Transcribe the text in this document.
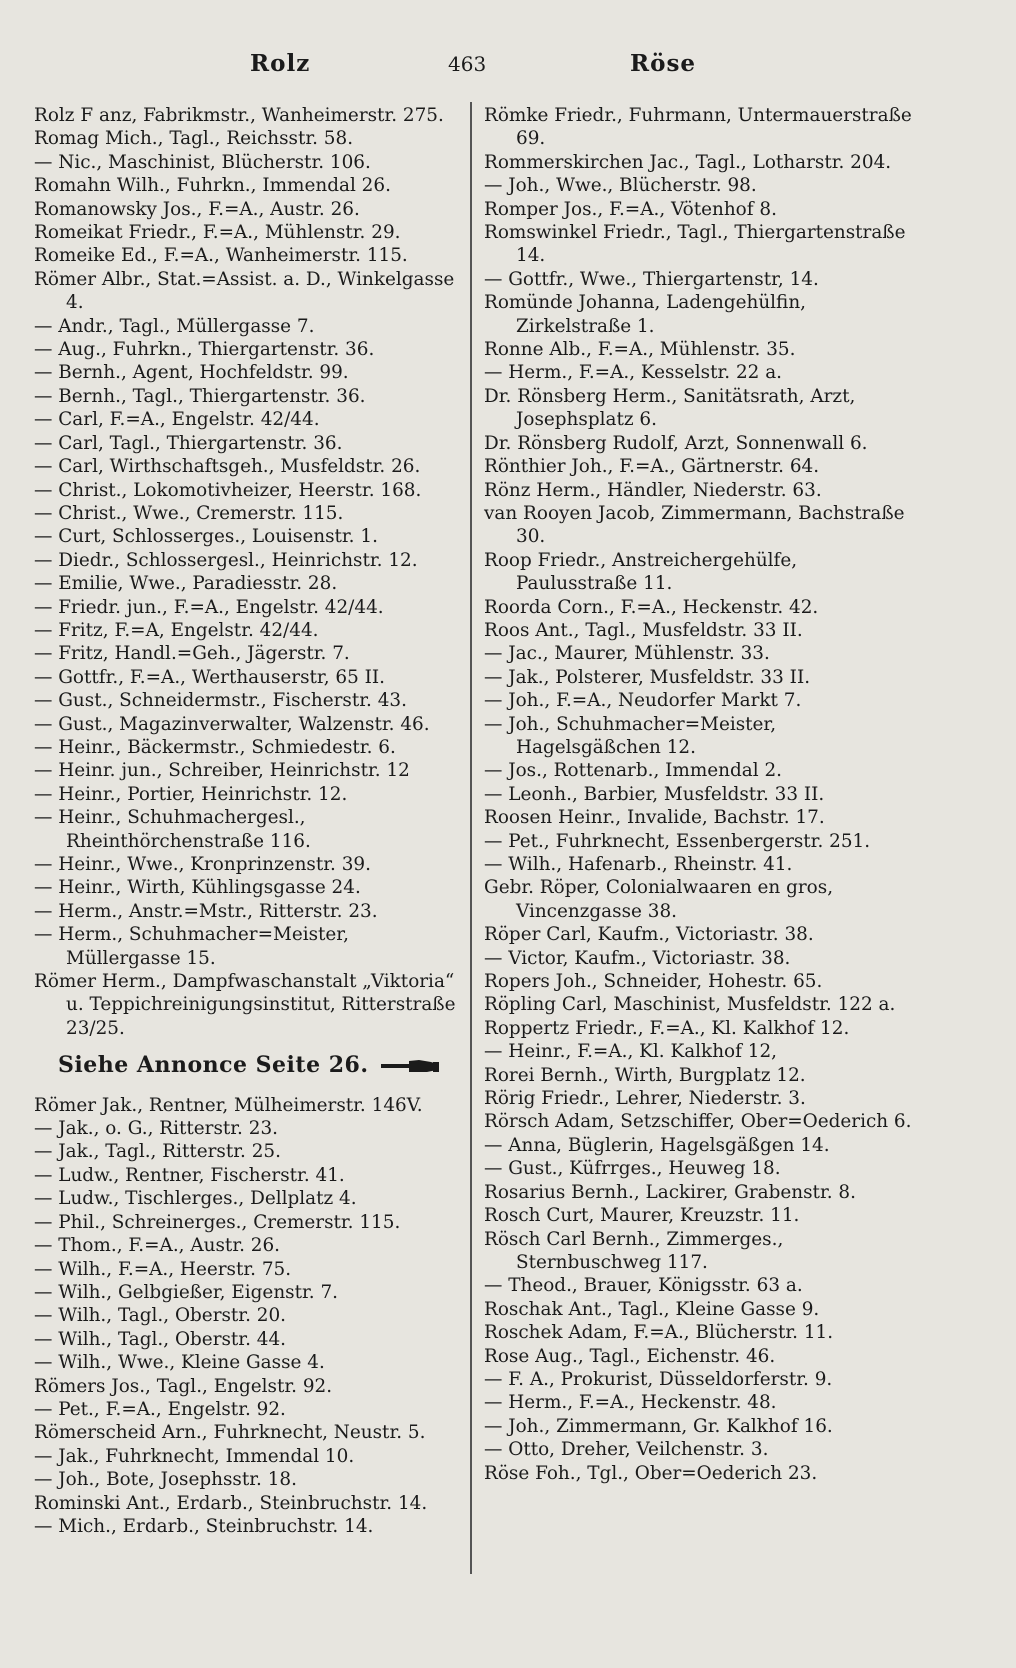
Rolz	463	Röse

Rolz F anz, Fabrikmstr., Wanheimerstr. 275.

Romag Mich., Tagl., Reichsstr. 58.

— Nic., Maschinist, Blücherstr. 106.

Romahn Wilh., Fuhrkn., Immendal 26.

Romanowsky Jos., F.=A., Austr. 26.

Romeikat Friedr., F.=A., Mühlenstr. 29.

Romeike Ed., F.=A., Wanheimerstr. 115.

Römer Albr., Stat.=Assist. a. D., Winkelgasse 4.

— Andr., Tagl., Müllergasse 7.

— Aug., Fuhrkn., Thiergartenstr. 36.

— Bernh., Agent, Hochfeldstr. 99.

— Bernh., Tagl., Thiergartenstr. 36.

— Carl, F.=A., Engelstr. 42/44.

— Carl, Tagl., Thiergartenstr. 36.

— Carl, Wirthschaftsgeh., Musfeldstr. 26.

— Christ., Lokomotivheizer, Heerstr. 168.

— Christ., Wwe., Cremerstr. 115.

— Curt, Schlosserges., Louisenstr. 1.

— Diedr., Schlossergesl., Heinrichstr. 12.

— Emilie, Wwe., Paradiesstr. 28.

— Friedr. jun., F.=A., Engelstr. 42/44.

— Fritz, F.=A, Engelstr. 42/44.

— Fritz, Handl.=Geh., Jägerstr. 7.

— Gottfr., F.=A., Werthauserstr, 65 II.

— Gust., Schneidermstr., Fischerstr. 43.

— Gust., Magazinverwalter, Walzenstr. 46.

— Heinr., Bäckermstr., Schmiedestr. 6.

— Heinr. jun., Schreiber, Heinrichstr. 12

— Heinr., Portier, Heinrichstr. 12.

— Heinr., Schuhmachergesl., Rheinthörchenstraße 116.

— Heinr., Wwe., Kronprinzenstr. 39.

— Heinr., Wirth, Kühlingsgasse 24.

— Herm., Anstr.=Mstr., Ritterstr. 23.

— Herm., Schuhmacher=Meister, Müllergasse 15.

Römer Herm., Dampfwaschanstalt „Viktoria“ u. Teppichreinigungsinstitut, Ritterstraße 23/25.

Siehe Annonce Seite 26.

Römer Jak., Rentner, Mülheimerstr. 146V.

— Jak., o. G., Ritterstr. 23.

— Jak., Tagl., Ritterstr. 25.

— Ludw., Rentner, Fischerstr. 41.

— Ludw., Tischlerges., Dellplatz 4.

— Phil., Schreinerges., Cremerstr. 115.

— Thom., F.=A., Austr. 26.

— Wilh., F.=A., Heerstr. 75.

— Wilh., Gelbgießer, Eigenstr. 7.

— Wilh., Tagl., Oberstr. 20.

— Wilh., Tagl., Oberstr. 44.

— Wilh., Wwe., Kleine Gasse 4.

Römers Jos., Tagl., Engelstr. 92.

— Pet., F.=A., Engelstr. 92.

Römerscheid Arn., Fuhrknecht, Neustr. 5.

— Jak., Fuhrknecht, Immendal 10.

— Joh., Bote, Josephsstr. 18.

Rominski Ant., Erdarb., Steinbruchstr. 14.

— Mich., Erdarb., Steinbruchstr. 14.

Römke Friedr., Fuhrmann, Untermauerstraße 69.

Rommerskirchen Jac., Tagl., Lotharstr. 204.

— Joh., Wwe., Blücherstr. 98.

Romper Jos., F.=A., Vötenhof 8.

Romswinkel Friedr., Tagl., Thiergartenstraße 14.

— Gottfr., Wwe., Thiergartenstr, 14.

Romünde Johanna, Ladengehülfin, Zirkelstraße 1.

Ronne Alb., F.=A., Mühlenstr. 35.

— Herm., F.=A., Kesselstr. 22 a.

Dr. Rönsberg Herm., Sanitätsrath, Arzt, Josephsplatz 6.

Dr. Rönsberg Rudolf, Arzt, Sonnenwall 6.

Rönthier Joh., F.=A., Gärtnerstr. 64.

Rönz Herm., Händler, Niederstr. 63.

van Rooyen Jacob, Zimmermann, Bachstraße 30.

Roop Friedr., Anstreichergehülfe, Paulusstraße 11.

Roorda Corn., F.=A., Heckenstr. 42.

Roos Ant., Tagl., Musfeldstr. 33 II.

— Jac., Maurer, Mühlenstr. 33.

— Jak., Polsterer, Musfeldstr. 33 II.

— Joh., F.=A., Neudorfer Markt 7.

— Joh., Schuhmacher=Meister, Hagelsgäßchen 12.

— Jos., Rottenarb., Immendal 2.

— Leonh., Barbier, Musfeldstr. 33 II.

Roosen Heinr., Invalide, Bachstr. 17.

— Pet., Fuhrknecht, Essenbergerstr. 251.

— Wilh., Hafenarb., Rheinstr. 41.

Gebr. Röper, Colonialwaaren en gros, Vincenzgasse 38.

Röper Carl, Kaufm., Victoriastr. 38.

— Victor, Kaufm., Victoriastr. 38.

Ropers Joh., Schneider, Hohestr. 65.

Röpling Carl, Maschinist, Musfeldstr. 122 a.

Roppertz Friedr., F.=A., Kl. Kalkhof 12.

— Heinr., F.=A., Kl. Kalkhof 12,

Rorei Bernh., Wirth, Burgplatz 12.

Rörig Friedr., Lehrer, Niederstr. 3.

Rörsch Adam, Setzschiffer, Ober=Oederich 6.

— Anna, Büglerin, Hagelsgäßgen 14.

— Gust., Küfrrges., Heuweg 18.

Rosarius Bernh., Lackirer, Grabenstr. 8.

Rosch Curt, Maurer, Kreuzstr. 11.

Rösch Carl Bernh., Zimmerges., Sternbuschweg 117.

— Theod., Brauer, Königsstr. 63 a.

Roschak Ant., Tagl., Kleine Gasse 9.

Roschek Adam, F.=A., Blücherstr. 11.

Rose Aug., Tagl., Eichenstr. 46.

— F. A., Prokurist, Düsseldorferstr. 9.

— Herm., F.=A., Heckenstr. 48.

— Joh., Zimmermann, Gr. Kalkhof 16.

— Otto, Dreher, Veilchenstr. 3.

Röse Foh., Tgl., Ober=Oederich 23.
